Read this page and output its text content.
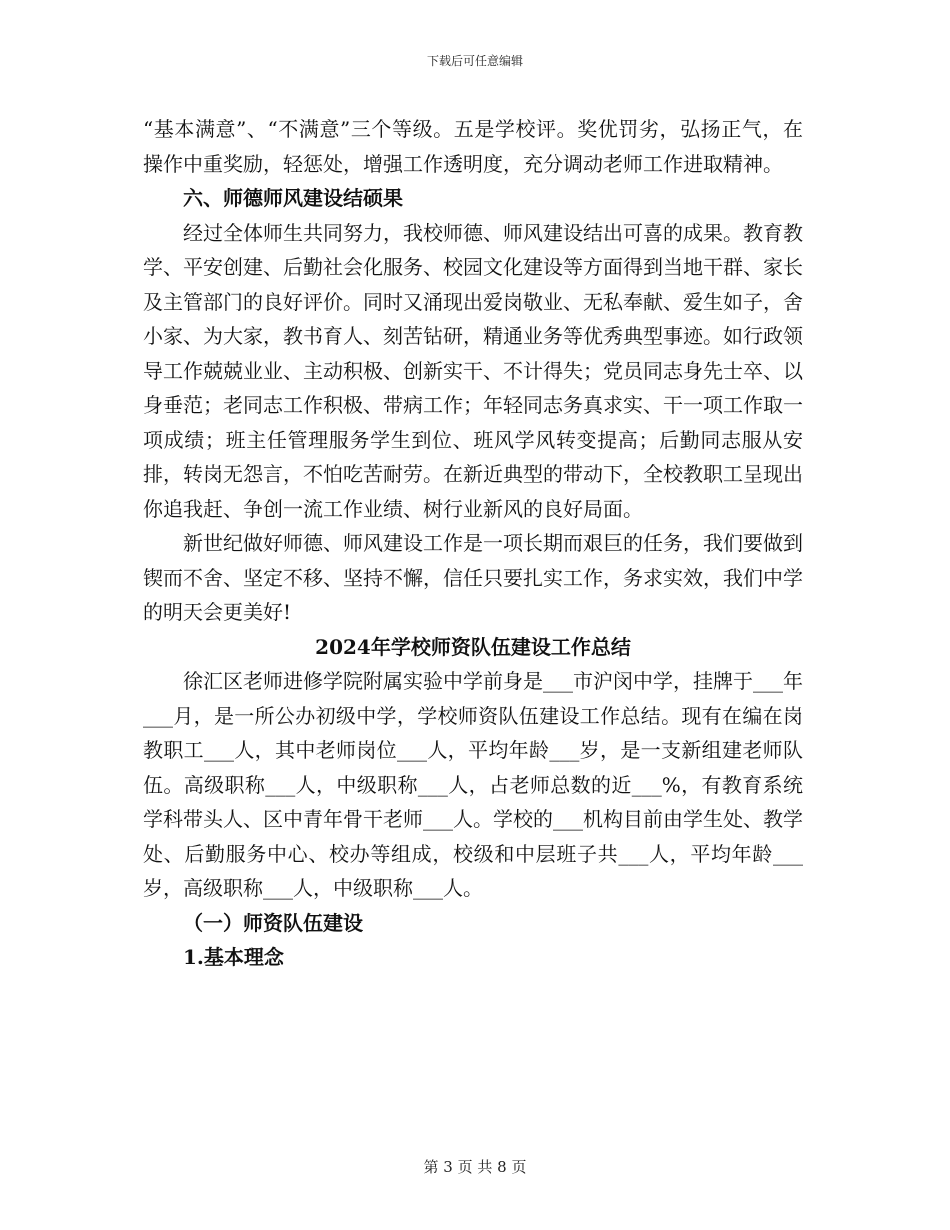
下载后可任意编辑

“基本满意”、“不满意”三个等级。五是学校评。奖优罚劣，弘扬正气，在操作中重奖励，轻惩处，增强工作透明度，充分调动老师工作进取精神。

六、师德师风建设结硕果

经过全体师生共同努力，我校师德、师风建设结出可喜的成果。教育教学、平安创建、后勤社会化服务、校园文化建设等方面得到当地干群、家长及主管部门的良好评价。同时又涌现出爱岗敬业、无私奉献、爱生如子，舍小家、为大家，教书育人、刻苦钻研，精通业务等优秀典型事迹。如行政领导工作兢兢业业、主动积极、创新实干、不计得失；党员同志身先士卒、以身垂范；老同志工作积极、带病工作；年轻同志务真求实、干一项工作取一项成绩；班主任管理服务学生到位、班风学风转变提高；后勤同志服从安排，转岗无怨言，不怕吃苦耐劳。在新近典型的带动下，全校教职工呈现出你追我赶、争创一流工作业绩、树行业新风的良好局面。

新世纪做好师德、师风建设工作是一项长期而艰巨的任务，我们要做到锲而不舍、坚定不移、坚持不懈，信任只要扎实工作，务求实效，我们中学的明天会更美好!

2024年学校师资队伍建设工作总结

徐汇区老师进修学院附属实验中学前身是___市沪闵中学，挂牌于___年___月，是一所公办初级中学，学校师资队伍建设工作总结。现有在编在岗教职工___人，其中老师岗位___人，平均年龄___岁，是一支新组建老师队伍。高级职称___人，中级职称___人，占老师总数的近___%，有教育系统学科带头人、区中青年骨干老师___人。学校的___机构目前由学生处、教学处、后勤服务中心、校办等组成，校级和中层班子共___人，平均年龄___岁，高级职称___人，中级职称___人。

（一）师资队伍建设

1.基本理念

第 3 页 共 8 页
